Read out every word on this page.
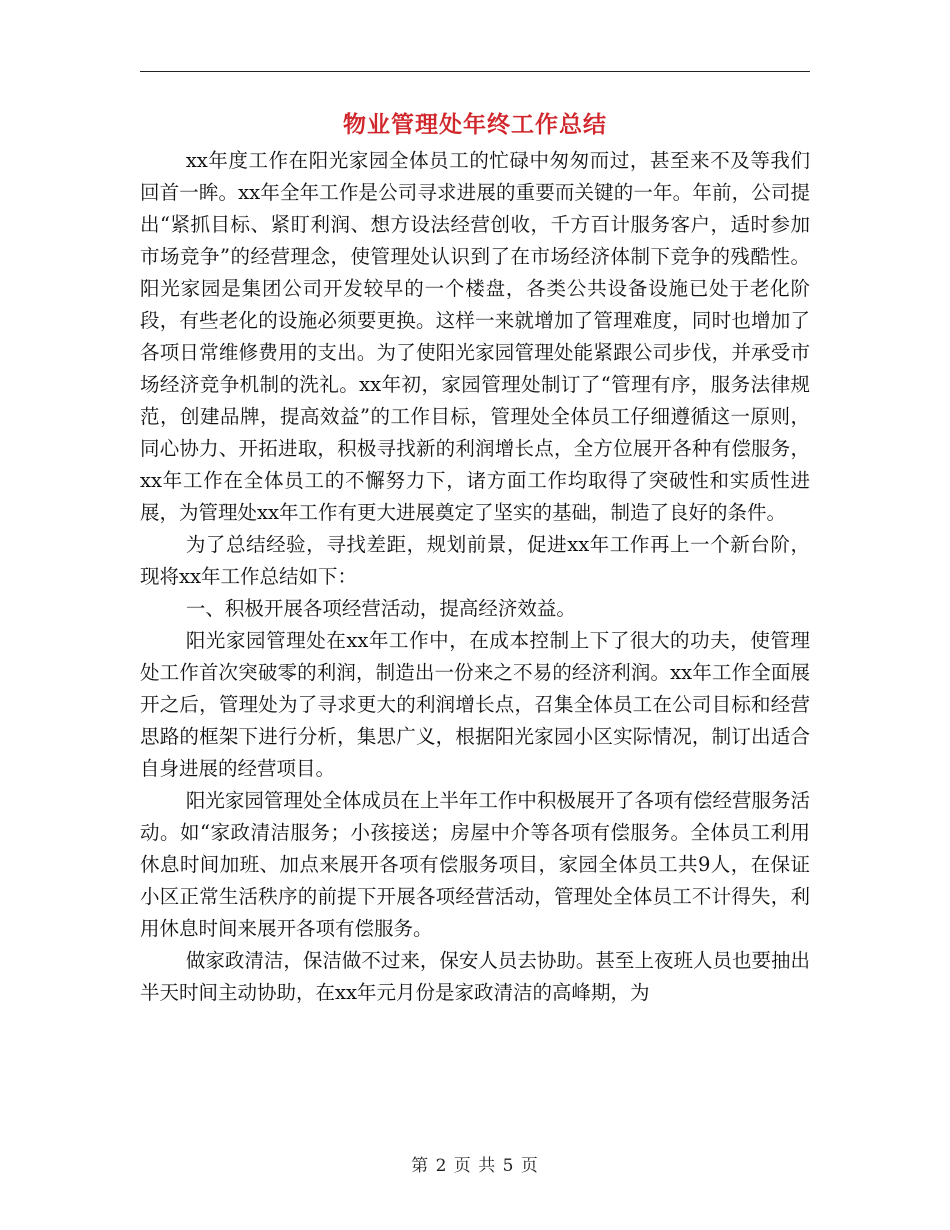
物业管理处年终工作总结

xx年度工作在阳光家园全体员工的忙碌中匆匆而过，甚至来不及等我们回首一眸。xx年全年工作是公司寻求进展的重要而关键的一年。年前，公司提出“紧抓目标、紧盯利润、想方设法经营创收，千方百计服务客户，适时参加市场竞争”的经营理念，使管理处认识到了在市场经济体制下竞争的残酷性。阳光家园是集团公司开发较早的一个楼盘，各类公共设备设施已处于老化阶段，有些老化的设施必须要更换。这样一来就增加了管理难度，同时也增加了各项日常维修费用的支出。为了使阳光家园管理处能紧跟公司步伐，并承受市场经济竞争机制的洗礼。xx年初，家园管理处制订了“管理有序，服务法律规范，创建品牌，提高效益”的工作目标，管理处全体员工仔细遵循这一原则，同心协力、开拓进取，积极寻找新的利润增长点，全方位展开各种有偿服务，xx年工作在全体员工的不懈努力下，诸方面工作均取得了突破性和实质性进展，为管理处xx年工作有更大进展奠定了坚实的基础，制造了良好的条件。

为了总结经验，寻找差距，规划前景，促进xx年工作再上一个新台阶，现将xx年工作总结如下：

一、积极开展各项经营活动，提高经济效益。

阳光家园管理处在xx年工作中，在成本控制上下了很大的功夫，使管理处工作首次突破零的利润，制造出一份来之不易的经济利润。xx年工作全面展开之后，管理处为了寻求更大的利润增长点，召集全体员工在公司目标和经营思路的框架下进行分析，集思广义，根据阳光家园小区实际情况，制订出适合自身进展的经营项目。

阳光家园管理处全体成员在上半年工作中积极展开了各项有偿经营服务活动。如“家政清洁服务；小孩接送；房屋中介等各项有偿服务。全体员工利用休息时间加班、加点来展开各项有偿服务项目，家园全体员工共9人，在保证小区正常生活秩序的前提下开展各项经营活动，管理处全体员工不计得失，利用休息时间来展开各项有偿服务。

做家政清洁，保洁做不过来，保安人员去协助。甚至上夜班人员也要抽出半天时间主动协助，在xx年元月份是家政清洁的高峰期，为

第 2 页 共 5 页
